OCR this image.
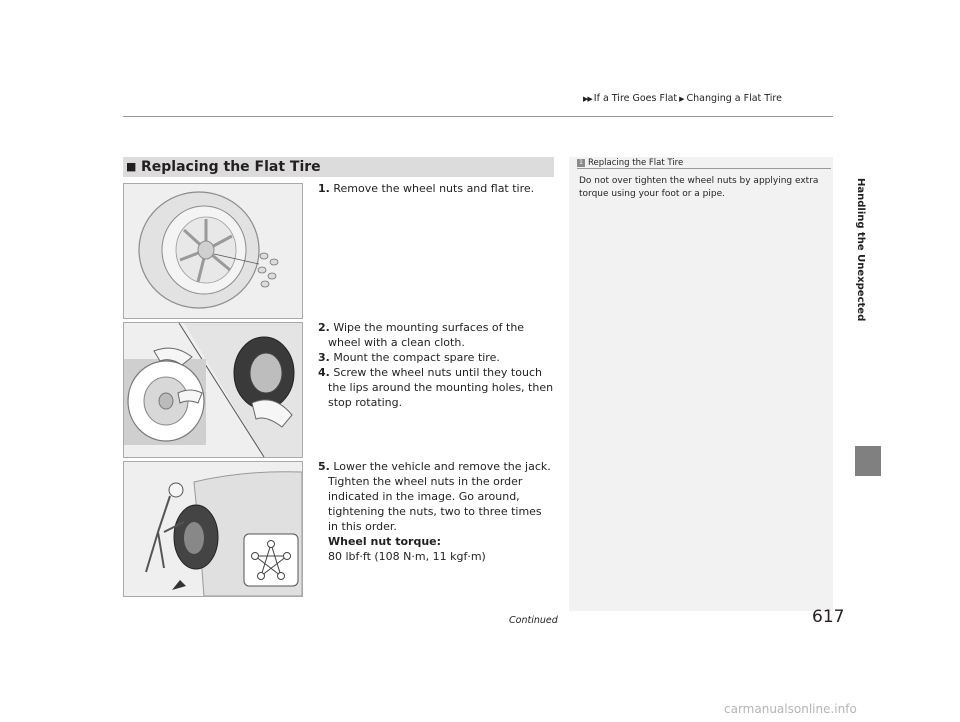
▶▶ If a Tire Goes Flat ▶ Changing a Flat Tire
Handling the Unexpected
■ Replacing the Flat Tire	1 Replacing the Flat Tire
Do not over tighten the wheel nuts by applying extra torque using your foot or a pipe.
1. Remove the wheel nuts and flat tire.
2. Wipe the mounting surfaces of the wheel with a clean cloth.
3. Mount the compact spare tire.
4. Screw the wheel nuts until they touch the lips around the mounting holes, then stop rotating.
5. Lower the vehicle and remove the jack. Tighten the wheel nuts in the order indicated in the image. Go around, tightening the nuts, two to three times in this order.
Wheel nut torque:
80 lbf·ft (108 N·m, 11 kgf·m)
Continued	617
carmanualsonline.info
